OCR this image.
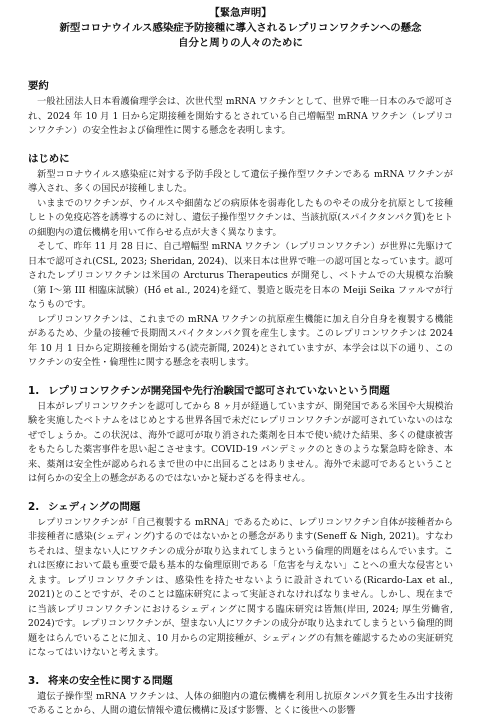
【緊急声明】
新型コロナウイルス感染症予防接種に導入されるレプリコンワクチンへの懸念
自分と周りの人々のために
要約

一般社団法人日本看護倫理学会は、次世代型 mRNA ワクチンとして、世界で唯一日本のみで認可され、2024 年 10 月 1 日から定期接種を開始するとされている自己増幅型 mRNA ワクチン（レプリコンワクチン）の安全性および倫理性に関する懸念を表明します。

はじめに

新型コロナウイルス感染症に対する予防手段として遺伝子操作型ワクチンである mRNA ワクチンが導入され、多くの国民が接種しました。

いままでのワクチンが、ウイルスや細菌などの病原体を弱毒化したものやその成分を抗原として接種しヒトの免疫応答を誘導するのに対し、遺伝子操作型ワクチンは、当該抗原(スパイクタンパク質)をヒトの細胞内の遺伝機構を用いて作らせる点が大きく異なります。

そして、昨年 11 月 28 日に、自己増幅型 mRNA ワクチン（レプリコンワクチン）が世界に先駆けて日本で認可され(CSL, 2023; Sheridan, 2024)、以来日本は世界で唯一の認可国となっています。認可されたレプリコンワクチンは米国の Arcturus Therapeutics が開発し、ベトナムでの大規模な治験（第 I〜第 III 相臨床試験）(Hồ et al., 2024)を経て、製造と販売を日本の Meiji Seika ファルマが行なうものです。

レプリコンワクチンは、これまでの mRNA ワクチンの抗原産生機能に加え自分自身を複製する機能があるため、少量の接種で長期間スパイクタンパク質を産生します。このレプリコンワクチンは 2024 年 10 月 1 日から定期接種を開始する(読売新聞, 2024)とされていますが、本学会は以下の通り、このワクチンの安全性・倫理性に関する懸念を表明します。

1. レプリコンワクチンが開発国や先行治験国で認可されていないという問題

日本がレプリコンワクチンを認可してから 8 ヶ月が経過していますが、開発国である米国や大規模治験を実施したベトナムをはじめとする世界各国で未だにレプリコンワクチンが認可されていないのはなぜでしょうか。この状況は、海外で認可が取り消された薬剤を日本で使い続けた結果、多くの健康被害をもたらした薬害事件を思い起こさせます。COVID-19 パンデミックのときのような緊急時を除き、本来、薬剤は安全性が認められるまで世の中に出回ることはありません。海外で未認可であるということは何らかの安全上の懸念があるのではないかと疑わざるを得ません。

2. シェディングの問題

レプリコンワクチンが「自己複製する mRNA」であるために、レプリコンワクチン自体が接種者から非接種者に感染(シェディング)するのではないかとの懸念があります(Seneff & Nigh, 2021)。すなわちそれは、望まない人にワクチンの成分が取り込まれてしまうという倫理的問題をはらんでいます。これは医療において最も重要で最も基本的な倫理原則である「危害を与えない」ことへの重大な侵害といえます。レプリコンワクチンは、感染性を持たせないように設計されている(Ricardo-Lax et al., 2021)とのことですが、そのことは臨床研究によって実証されなければなりません。しかし、現在までに当該レプリコンワクチンにおけるシェディングに関する臨床研究は皆無(岸田, 2024; 厚生労働省, 2024)です。レプリコンワクチンが、望まない人にワクチンの成分が取り込まれてしまうという倫理的問題をはらんでいることに加え、10 月からの定期接種が、シェディングの有無を確認するための実証研究になってはいけないと考えます。

3. 将来の安全性に関する問題

遺伝子操作型 mRNA ワクチンは、人体の細胞内の遺伝機構を利用し抗原タンパク質を生み出す技術であることから、人間の遺伝情報や遺伝機構に及ぼす影響、とくに後世への影響
